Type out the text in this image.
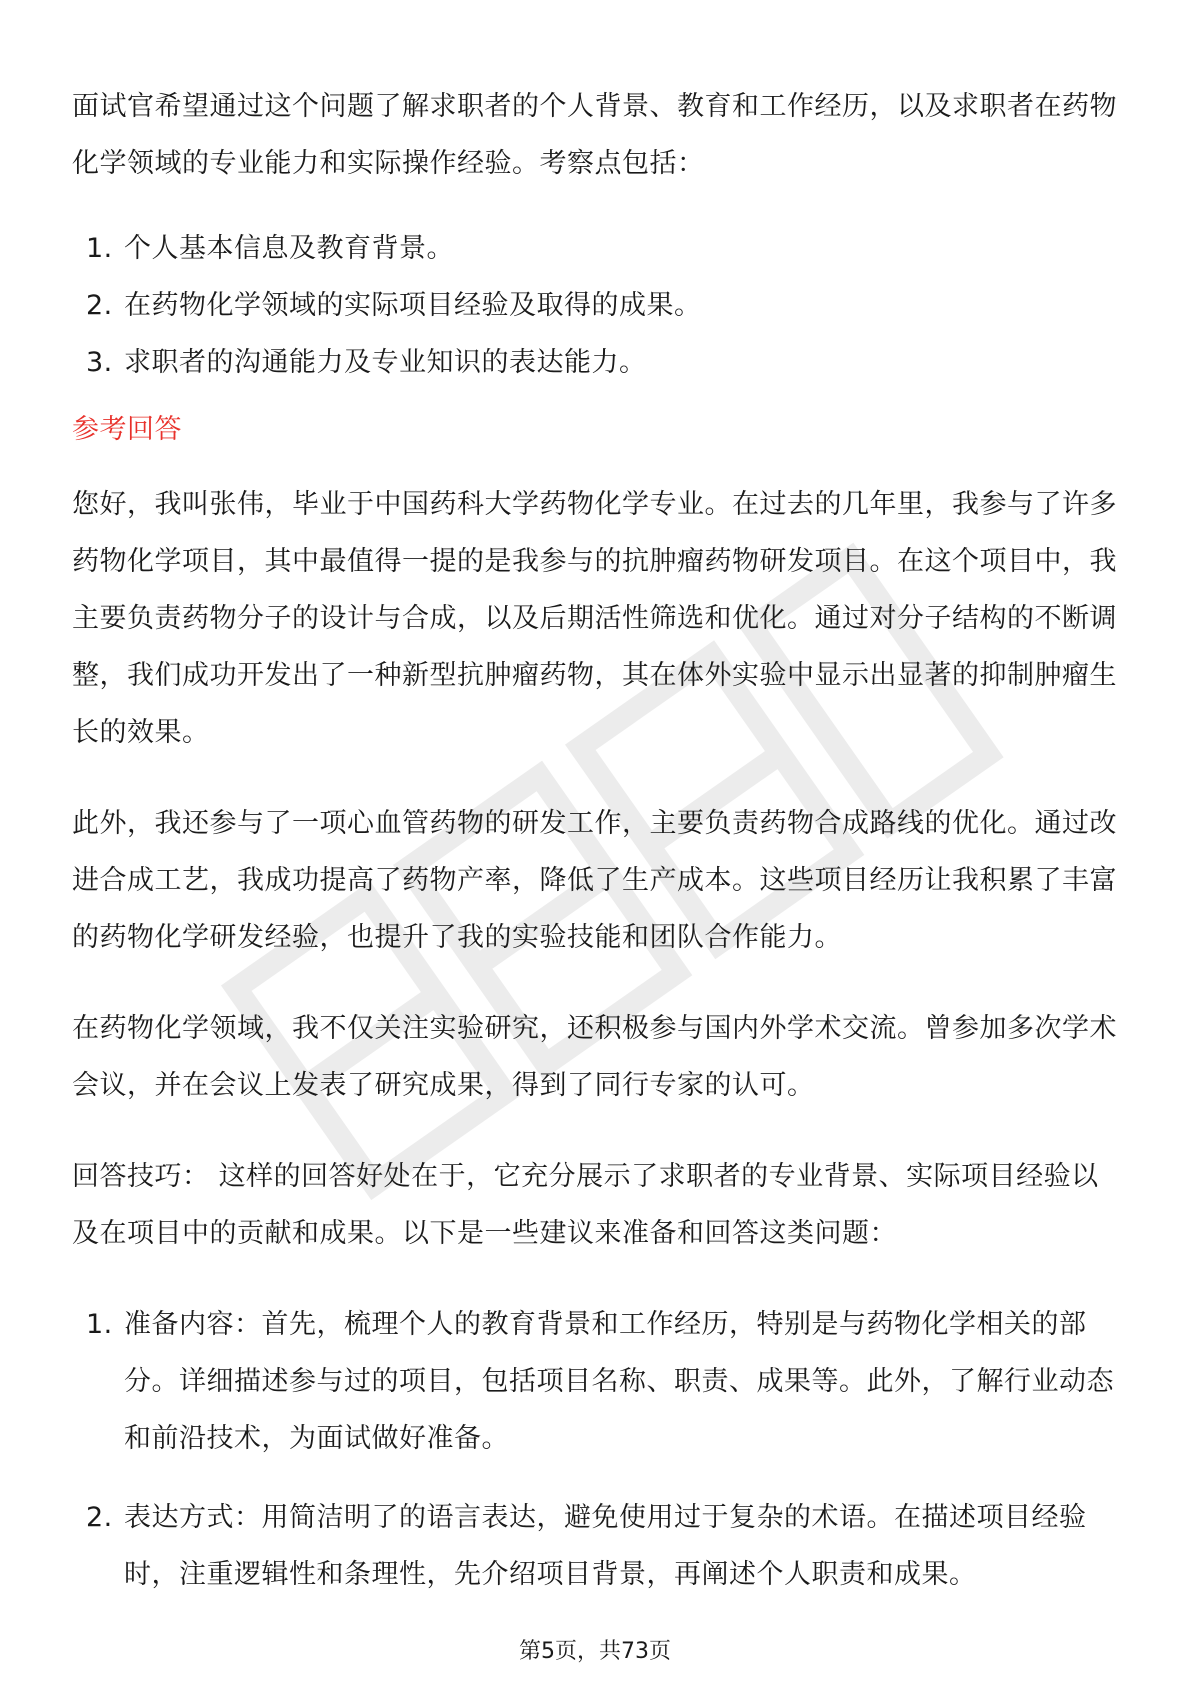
面试官希望通过这个问题了解求职者的个人背景、教育和工作经历，以及求职者在药物化学领域的专业能力和实际操作经验。考察点包括：

1. 个人基本信息及教育背景。
2. 在药物化学领域的实际项目经验及取得的成果。
3. 求职者的沟通能力及专业知识的表达能力。
参考回答

您好，我叫张伟，毕业于中国药科大学药物化学专业。在过去的几年里，我参与了许多药物化学项目，其中最值得一提的是我参与的抗肿瘤药物研发项目。在这个项目中，我主要负责药物分子的设计与合成，以及后期活性筛选和优化。通过对分子结构的不断调整，我们成功开发出了一种新型抗肿瘤药物，其在体外实验中显示出显著的抑制肿瘤生长的效果。

此外，我还参与了一项心血管药物的研发工作，主要负责药物合成路线的优化。通过改进合成工艺，我成功提高了药物产率，降低了生产成本。这些项目经历让我积累了丰富的药物化学研发经验，也提升了我的实验技能和团队合作能力。

在药物化学领域，我不仅关注实验研究，还积极参与国内外学术交流。曾参加多次学术会议，并在会议上发表了研究成果，得到了同行专家的认可。

回答技巧： 这样的回答好处在于，它充分展示了求职者的专业背景、实际项目经验以及在项目中的贡献和成果。以下是一些建议来准备和回答这类问题：

1. 准备内容：首先，梳理个人的教育背景和工作经历，特别是与药物化学相关的部分。详细描述参与过的项目，包括项目名称、职责、成果等。此外，了解行业动态和前沿技术，为面试做好准备。
2. 表达方式：用简洁明了的语言表达，避免使用过于复杂的术语。在描述项目经验时，注重逻辑性和条理性，先介绍项目背景，再阐述个人职责和成果。
第5页，共73页
